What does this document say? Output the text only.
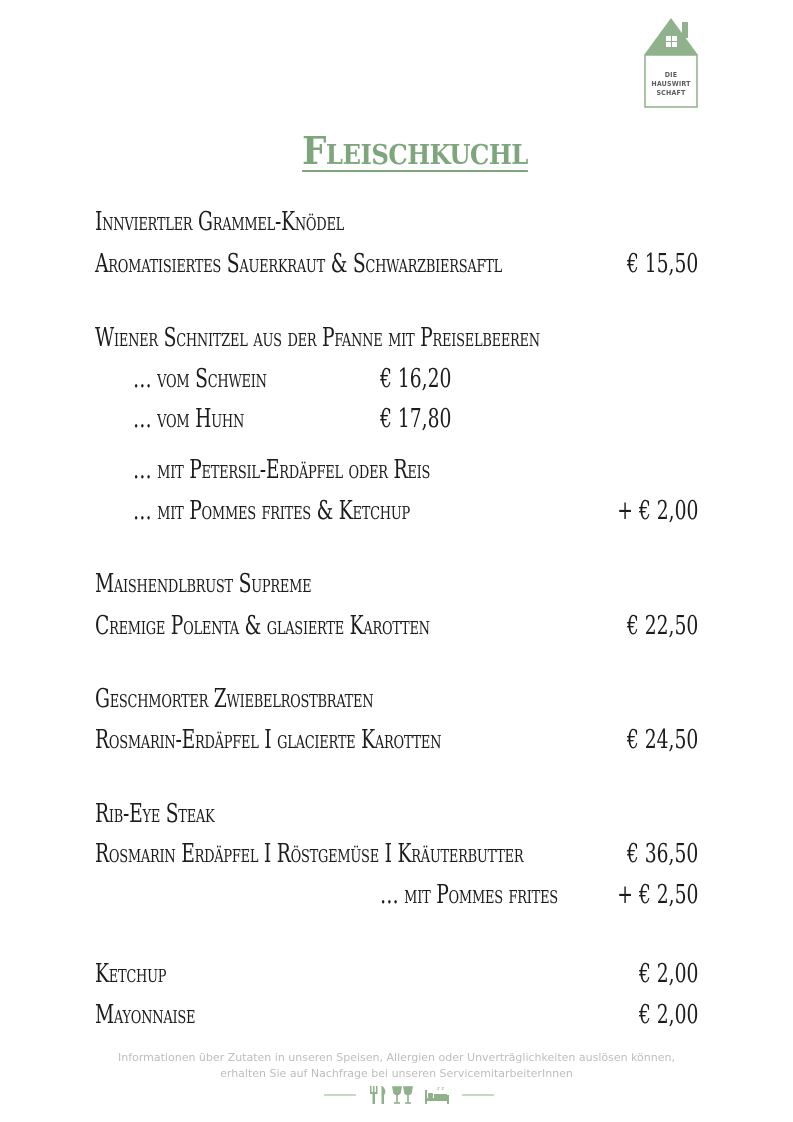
DIE
HAUSWIRT
SCHAFT
Fleischkuchl
Innviertler Grammel-Knödel
Aromatisiertes Sauerkraut & Schwarzbiersaftl	€ 15,50
Wiener Schnitzel aus der Pfanne mit Preiselbeeren
… vom Schwein	€ 16,20
… vom Huhn	€ 17,80
… mit Petersil-Erdäpfel oder Reis
… mit Pommes frites & Ketchup	+ € 2,00
Maishendlbrust Supreme
Cremige Polenta & glasierte Karotten	€ 22,50
Geschmorter Zwiebelrostbraten
Rosmarin-Erdäpfel I glacierte Karotten	€ 24,50
Rib-Eye Steak
Rosmarin Erdäpfel I Röstgemüse I Kräuterbutter	€ 36,50
… mit Pommes frites + € 2,50
Ketchup	€ 2,00
Mayonnaise	€ 2,00
Informationen über Zutaten in unseren Speisen, Allergien oder Unverträglichkeiten auslösen können,
erhalten Sie auf Nachfrage bei unseren ServicemitarbeiterInnen
z z
